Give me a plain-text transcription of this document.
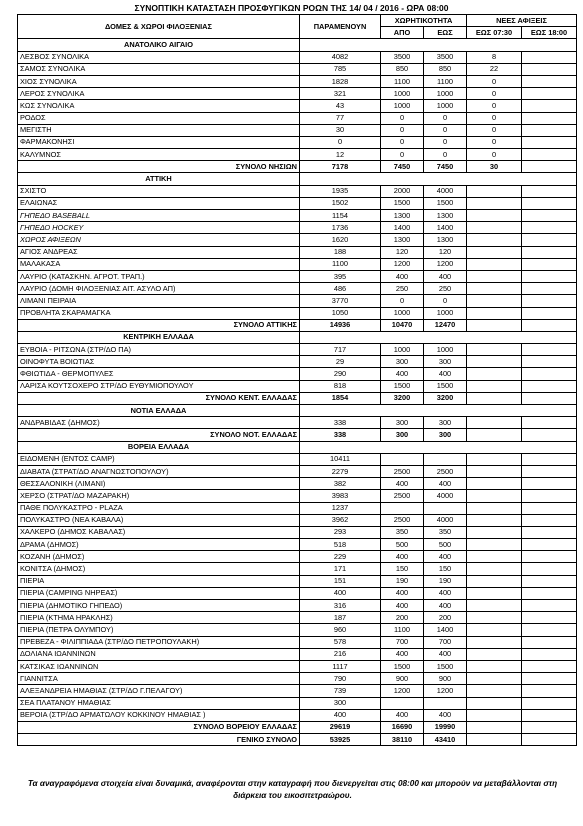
ΣΥΝΟΠΤΙΚΗ ΚΑΤΑΣΤΑΣΗ ΠΡΟΣΦΥΓΙΚΩΝ ΡΟΩΝ ΤΗΣ 14/ 04 / 2016 - ΩΡΑ 08:00
ΔΟΜΕΣ & ΧΩΡΟΙ ΦΙΛΟΞΕΝΙΑΣ	ΠΑΡΑΜΕΝΟΥΝ	ΧΩΡΗΤΙΚΟΤΗΤΑ		ΝΕΕΣ ΑΦΙΞΕΙΣ	
		ΑΠΟ	ΕΩΣ	ΕΩΣ 07:30	ΕΩΣ 18:00
ΑΝΑΤΟΛΙΚΟ ΑΙΓΑΙΟ					
ΛΕΣΒΟΣ ΣΥΝΟΛΙΚΑ	4082	3500	3500	8	
ΣΑΜΟΣ ΣΥΝΟΛΙΚΑ	785	850	850	22	
ΧΙΟΣ ΣΥΝΟΛΙΚΑ	1828	1100	1100	0	
ΛΕΡΟΣ ΣΥΝΟΛΙΚΑ	321	1000	1000	0	
ΚΩΣ ΣΥΝΟΛΙΚΑ	43	1000	1000	0	
ΡΟΔΟΣ	77	0	0	0	
ΜΕΓΙΣΤΗ	30	0	0	0	
ΦΑΡΜΑΚΟΝΗΣΙ	0	0	0	0	
ΚΑΛΥΜΝΟΣ	12	0	0	0	
ΣΥΝΟΛΟ ΝΗΣΙΩΝ	7178	7450	7450	30	
ΑΤΤΙΚΗ					
ΣΧΙΣΤΟ	1935	2000	4000		
ΕΛΑΙΩΝΑΣ	1502	1500	1500		
ΓΗΠΕΔΟ BASEBALL	1154	1300	1300		
ΓΗΠΕΔΟ HOCKEY	1736	1400	1400		
ΧΩΡΟΣ ΑΦΙΞΕΩΝ	1620	1300	1300		
ΑΓΙΟΣ ΑΝΔΡΕΑΣ	188	120	120		
ΜΑΛΑΚΑΣΑ	1100	1200	1200		
ΛΑΥΡΙΟ (ΚΑΤΑΣΚΗΝ. ΑΓΡΟΤ. ΤΡΑΠ.)	395	400	400		
ΛΑΥΡΙΟ (ΔΟΜΗ ΦΙΛΟΞΕΝΙΑΣ ΑΙΤ. ΑΣΥΛΟ ΑΠ)	486	250	250		
ΛΙΜΑΝΙ ΠΕΙΡΑΙΑ	3770	0	0		
ΠΡΟΒΛΗΤΑ ΣΚΑΡΑΜΑΓΚΑ	1050	1000	1000		
ΣΥΝΟΛΟ ΑΤΤΙΚΗΣ	14936	10470	12470		
ΚΕΝΤΡΙΚΗ ΕΛΛΑΔΑ					
ΕΥΒΟΙΑ - ΡΙΤΣΩΝΑ (ΣΤΡ/ΔΟ ΠΑ)	717	1000	1000		
ΟΙΝΟΦΥΤΑ ΒΟΙΩΤΙΑΣ	29	300	300		
ΦΘΙΩΤΙΔΑ - ΘΕΡΜΟΠΥΛΕΣ	290	400	400		
ΛΑΡΙΣΑ ΚΟΥΤΣΟΧΕΡΟ ΣΤΡ/ΔΟ ΕΥΘΥΜΙΟΠΟΥΛΟΥ	818	1500	1500		
ΣΥΝΟΛΟ ΚΕΝΤ. ΕΛΛΑΔΑΣ	1854	3200	3200		
ΝΟΤΙΑ ΕΛΛΑΔΑ					
ΑΝΔΡΑΒΙΔΑΣ (ΔΗΜΟΣ)	338	300	300		
ΣΥΝΟΛΟ ΝΟΤ. ΕΛΛΑΔΑΣ	338	300	300		
ΒΟΡΕΙΑ ΕΛΛΑΔΑ					
ΕΙΔΟΜΕΝΗ (ΕΝΤΟΣ CAMP)	10411				
ΔΙΑΒΑΤΑ (ΣΤΡΑΤ/ΔΟ ΑΝΑΓΝΩΣΤΟΠΟΥΛΟΥ)	2279	2500	2500		
ΘΕΣΣΑΛΟΝΙΚΗ (ΛΙΜΑΝΙ)	382	400	400		
ΧΕΡΣΟ (ΣΤΡΑΤ/ΔΟ ΜΑΖΑΡΑΚΗ)	3983	2500	4000		
ΠΑΘΕ ΠΟΛΥΚΑΣΤΡΟ - PLAZA	1237				
ΠΟΛΥΚΑΣΤΡΟ (ΝΕΑ ΚΑΒΑΛΑ)	3962	2500	4000		
ΧΑΛΚΕΡΟ (ΔΗΜΟΣ ΚΑΒΑΛΑΣ)	293	350	350		
ΔΡΑΜΑ (ΔΗΜΟΣ)	518	500	500		
ΚΟΖΑΝΗ (ΔΗΜΟΣ)	229	400	400		
ΚΟΝΙΤΣΑ (ΔΗΜΟΣ)	171	150	150		
ΠΙΕΡΙΑ	151	190	190		
ΠΙΕΡΙΑ (CAMPING ΝΗΡΕΑΣ)	400	400	400		
ΠΙΕΡΙΑ (ΔΗΜΟΤΙΚΟ ΓΗΠΕΔΟ)	316	400	400		
ΠΙΕΡΙΑ (ΚΤΗΜΑ ΗΡΑΚΛΗΣ)	187	200	200		
ΠΙΕΡΙΑ (ΠΕΤΡΑ ΟΛΥΜΠΟΥ)	960	1100	1400		
ΠΡΕΒΕΖΑ - ΦΙΛΙΠΠΙΑΔΑ (ΣΤΡ/ΔΟ ΠΕΤΡΟΠΟΥΛΑΚΗ)	578	700	700		
ΔΟΛΙΑΝΑ ΙΩΑΝΝΙΝΩΝ	216	400	400		
ΚΑΤΣΙΚΑΣ ΙΩΑΝΝΙΝΩΝ	1117	1500	1500		
ΓΙΑΝΝΙΤΣΑ	790	900	900		
ΑΛΕΞΑΝΔΡΕΙΑ ΗΜΑΘΙΑΣ (ΣΤΡ/ΔΟ Γ.ΠΕΛΑΓΟΥ)	739	1200	1200		
ΣΕΑ ΠΛΑΤΑΝΟΥ ΗΜΑΘΙΑΣ	300				
ΒΕΡΟΙΑ (ΣΤΡ/ΔΟ ΑΡΜΑΤΩΛΟΥ ΚΟΚΚΙΝΟΥ ΗΜΑΘΙΑΣ )	400	400	400		
ΣΥΝΟΛΟ ΒΟΡΕΙΟΥ ΕΛΛΑΔΑΣ	29619	16690	19990		
ΓΕΝΙΚΟ ΣΥΝΟΛΟ	53925	38110	43410		
Τα αναγραφόμενα στοιχεία είναι δυναμικά, αναφέρονται στην καταγραφή που διενεργείται στις 08:00 και μπορούν να μεταβάλλονται στη διάρκεια του εικοσιτετραώρου.
